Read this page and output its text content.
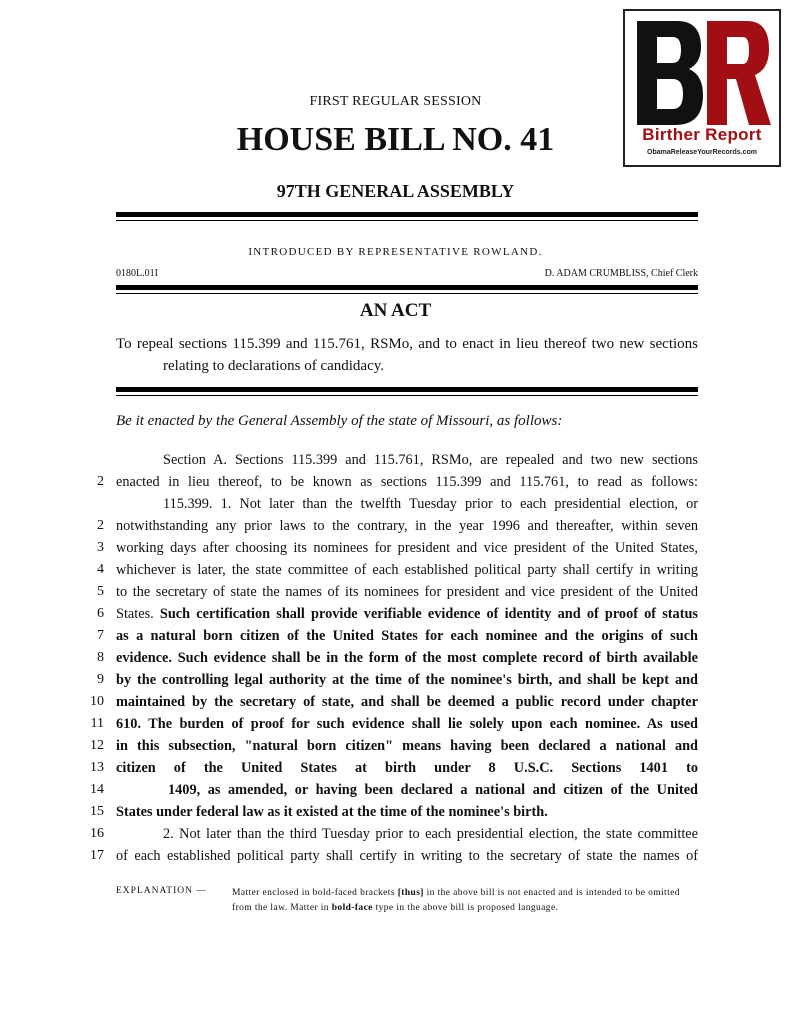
Birther Report
ObamaReleaseYourRecords.com
FIRST REGULAR SESSION
HOUSE BILL NO. 41
97TH GENERAL ASSEMBLY
INTRODUCED BY REPRESENTATIVE ROWLAND.
0180L.01I	D. ADAM CRUMBLISS, Chief Clerk
AN ACT
To repeal sections 115.399 and 115.761, RSMo, and to enact in lieu thereof two new sections
relating to declarations of candidacy.
Be it enacted by the General Assembly of the state of Missouri, as follows:
Section A. Sections 115.399 and 115.761, RSMo, are repealed and two new sections
2 enacted in lieu thereof, to be known as sections 115.399 and 115.761, to read as follows:
115.399. 1. Not later than the twelfth Tuesday prior to each presidential election, or
2 notwithstanding any prior laws to the contrary, in the year 1996 and thereafter, within seven
3 working days after choosing its nominees for president and vice president of the United States,
4 whichever is later, the state committee of each established political party shall certify in writing
5 to the secretary of state the names of its nominees for president and vice president of the United
6 States. Such certification shall provide verifiable evidence of identity and of proof of status
7 as a natural born citizen of the United States for each nominee and the origins of such
8 evidence. Such evidence shall be in the form of the most complete record of birth available
9 by the controlling legal authority at the time of the nominee's birth, and shall be kept and
10 maintained by the secretary of state, and shall be deemed a public record under chapter
11 610. The burden of proof for such evidence shall lie solely upon each nominee. As used
12 in this subsection, "natural born citizen" means having been declared a national and
13 citizen of the United States at birth under 8 U.S.C. Sections 1401 to
14	1409, as amended, or having been declared a national and citizen of the United
15 States under federal law as it existed at the time of the nominee's birth.
16	2. Not later than the third Tuesday prior to each presidential election, the state committee
17 of each established political party shall certify in writing to the secretary of state the names of
EXPLANATION —	Matter enclosed in bold-faced brackets [thus] in the above bill is not enacted and is intended to be omitted from the law. Matter in bold-face type in the above bill is proposed language.
